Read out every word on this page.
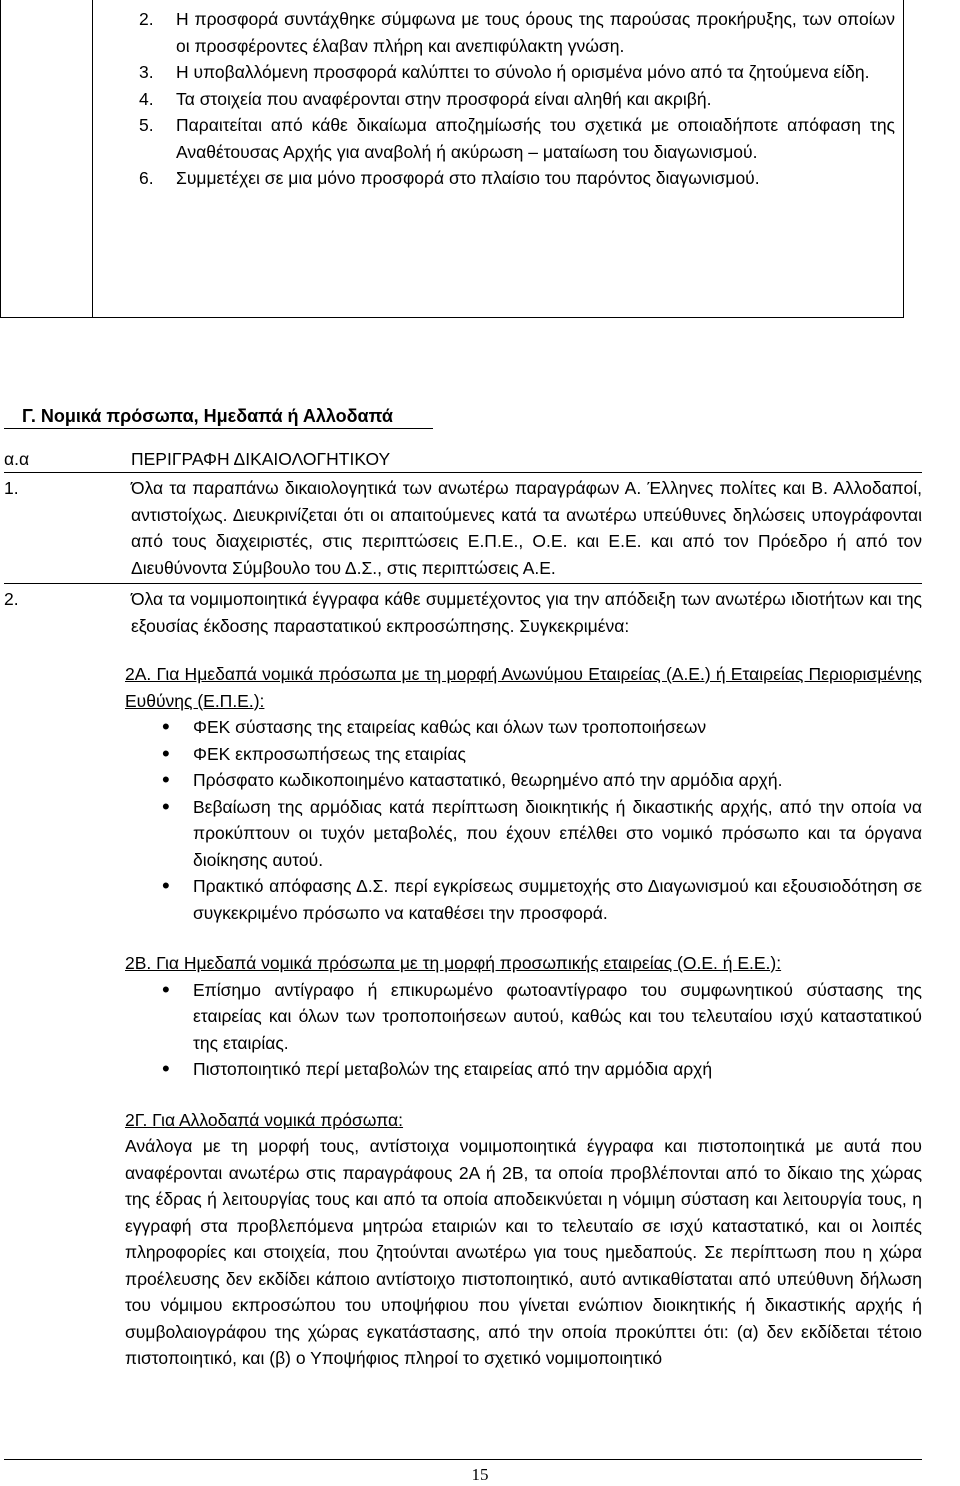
2. Η προσφορά συντάχθηκε σύμφωνα με τους όρους της παρούσας προκήρυξης, των οποίων οι προσφέροντες έλαβαν πλήρη και ανεπιφύλακτη γνώση.
3. Η υποβαλλόμενη προσφορά καλύπτει το σύνολο ή ορισμένα μόνο από τα ζητούμενα είδη.
4. Τα στοιχεία που αναφέρονται στην προσφορά είναι αληθή και ακριβή.
5. Παραιτείται από κάθε δικαίωμα αποζημίωσής του σχετικά με οποιαδήποτε απόφαση της Αναθέτουσας Αρχής για αναβολή ή ακύρωση – ματαίωση του διαγωνισμού.
6. Συμμετέχει σε μια μόνο προσφορά στο πλαίσιο του παρόντος διαγωνισμού.
Γ. Νομικά πρόσωπα, Ημεδαπά ή Αλλοδαπά
α.α	ΠΕΡΙΓΡΑΦΗ ΔΙΚΑΙΟΛΟΓΗΤΙΚΟΥ
1.	Όλα τα παραπάνω δικαιολογητικά των ανωτέρω παραγράφων Α. Έλληνες πολίτες και Β. Αλλοδαποί, αντιστοίχως. Διευκρινίζεται ότι οι απαιτούμενες κατά τα ανωτέρω υπεύθυνες δηλώσεις υπογράφονται από τους διαχειριστές, στις περιπτώσεις Ε.Π.Ε., Ο.Ε. και Ε.Ε. και από τον Πρόεδρο ή από τον Διευθύνοντα Σύμβουλο του Δ.Σ., στις περιπτώσεις Α.Ε.
2.	Όλα τα νομιμοποιητικά έγγραφα κάθε συμμετέχοντος για την απόδειξη των ανωτέρω ιδιοτήτων και της εξουσίας έκδοσης παραστατικού εκπροσώπησης. Συγκεκριμένα:
2Α. Για Ημεδαπά νομικά πρόσωπα με τη μορφή Ανωνύμου Εταιρείας (Α.Ε.) ή Εταιρείας Περιορισμένης Ευθύνης (Ε.Π.Ε.):
• ΦΕΚ σύστασης της εταιρείας καθώς και όλων των τροποποιήσεων
• ΦΕΚ εκπροσωπήσεως της εταιρίας
• Πρόσφατο κωδικοποιημένο καταστατικό, θεωρημένο από την αρμόδια αρχή.
• Βεβαίωση της αρμόδιας κατά περίπτωση διοικητικής ή δικαστικής αρχής, από την οποία να προκύπτουν οι τυχόν μεταβολές, που έχουν επέλθει στο νομικό πρόσωπο και τα όργανα διοίκησης αυτού.
• Πρακτικό απόφασης Δ.Σ. περί εγκρίσεως συμμετοχής στο Διαγωνισμού και εξουσιοδότηση σε συγκεκριμένο πρόσωπο να καταθέσει την προσφορά.
2Β. Για Ημεδαπά νομικά πρόσωπα με τη μορφή προσωπικής εταιρείας (Ο.Ε. ή Ε.Ε.):
• Επίσημο αντίγραφο ή επικυρωμένο φωτοαντίγραφο του συμφωνητικού σύστασης της εταιρείας και όλων των τροποποιήσεων αυτού, καθώς και του τελευταίου ισχύ καταστατικού της εταιρίας.
• Πιστοποιητικό περί μεταβολών της εταιρείας από την αρμόδια αρχή
2Γ. Για Αλλοδαπά νομικά πρόσωπα:
Ανάλογα με τη μορφή τους, αντίστοιχα νομιμοποιητικά έγγραφα και πιστοποιητικά με αυτά που αναφέρονται ανωτέρω στις παραγράφους 2Α ή 2Β, τα οποία προβλέπονται από το δίκαιο της χώρας της έδρας ή λειτουργίας τους και από τα οποία αποδεικνύεται η νόμιμη σύσταση και λειτουργία τους, η εγγραφή στα προβλεπόμενα μητρώα εταιριών και το τελευταίο σε ισχύ καταστατικό, και οι λοιπές πληροφορίες και στοιχεία, που ζητούνται ανωτέρω για τους ημεδαπούς. Σε περίπτωση που η χώρα προέλευσης δεν εκδίδει κάποιο αντίστοιχο πιστοποιητικό, αυτό αντικαθίσταται από υπεύθυνη δήλωση του νόμιμου εκπροσώπου του υποψήφιου που γίνεται ενώπιον διοικητικής ή δικαστικής αρχής ή συμβολαιογράφου της χώρας εγκατάστασης, από την οποία προκύπτει ότι: (α) δεν εκδίδεται τέτοιο πιστοποιητικό, και (β) ο Υποψήφιος πληροί το σχετικό νομιμοποιητικό
15
